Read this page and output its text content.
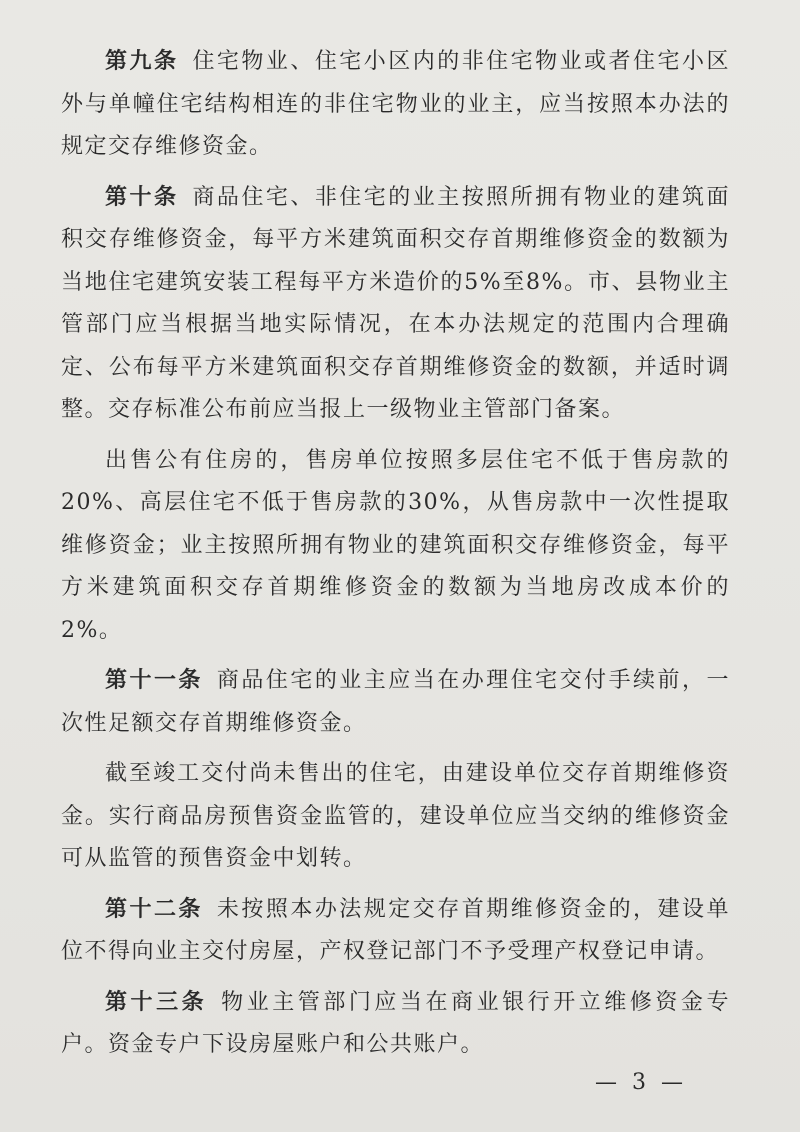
第九条 住宅物业、住宅小区内的非住宅物业或者住宅小区外与单幢住宅结构相连的非住宅物业的业主，应当按照本办法的规定交存维修资金。

第十条 商品住宅、非住宅的业主按照所拥有物业的建筑面积交存维修资金，每平方米建筑面积交存首期维修资金的数额为当地住宅建筑安装工程每平方米造价的5%至8%。市、县物业主管部门应当根据当地实际情况，在本办法规定的范围内合理确定、公布每平方米建筑面积交存首期维修资金的数额，并适时调整。交存标准公布前应当报上一级物业主管部门备案。

出售公有住房的，售房单位按照多层住宅不低于售房款的20%、高层住宅不低于售房款的30%，从售房款中一次性提取维修资金；业主按照所拥有物业的建筑面积交存维修资金，每平方米建筑面积交存首期维修资金的数额为当地房改成本价的2%。

第十一条 商品住宅的业主应当在办理住宅交付手续前，一次性足额交存首期维修资金。

截至竣工交付尚未售出的住宅，由建设单位交存首期维修资金。实行商品房预售资金监管的，建设单位应当交纳的维修资金可从监管的预售资金中划转。

第十二条 未按照本办法规定交存首期维修资金的，建设单位不得向业主交付房屋，产权登记部门不予受理产权登记申请。

第十三条 物业主管部门应当在商业银行开立维修资金专户。资金专户下设房屋账户和公共账户。

— 3 —
